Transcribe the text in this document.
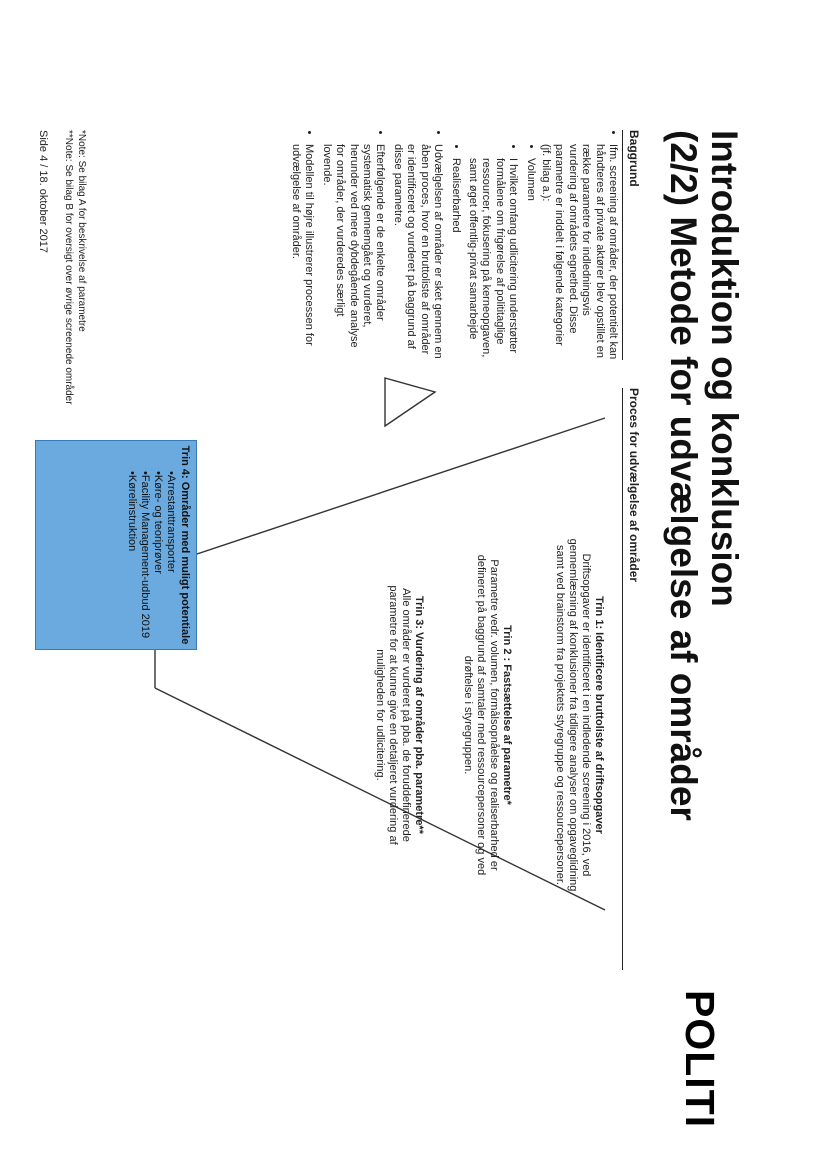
Introduktion og konklusion
(2/2) Metode for udvælgelse af områder
POLITI
Baggrund
• Ifm. screening af områder, der potentielt kan håndteres af private aktører blev opstillet en række parametre for indledningsvis vurdering af områdets egnethed. Disse parametre er inddelt i følgende kategorier (jf. bilag a.):
• Volumen
• I hvilket omfang udlicitering understøtter formålene om frigørelse af polititaglige ressourcer, fokusering på kerneopgaven, samt øget offentlig-privat samarbejde
• Realiserbarhed
• Udvælgelsen af områder er sket gennem en åben proces, hvor en bruttoliste af områder er identificeret og vurderet på baggrund af disse parametre.
• Efterfølgende er de enkelte områder systematisk gennemgået og vurderet, herunder ved mere dybdegående analyse for områder, der vurderedes særligt lovende.
• Modellen til højre illustrerer processen for udvælgelse af områder.
Proces for udvælgelse af områder
Trin 1: Identificere bruttoliste af driftsopgaver
Driftsopgaver er identificeret i en indledende screening i 2016, ved gennemlæsning af konklusioner fra tidligere analyser om opgaveglidning samt ved brainstorm fra projektets styregruppe og ressourcepersoner.
Trin 2 : Fastsættelse af parametre*
Parametre vedr. volumen, formålsopnåelse og realiserbarhed er defineret på baggrund af samtaler med ressourcepersoner og ved drøftelse i styregruppen.
Trin 3: Vurdering af områder pba. parametre**
Alle områder er vurderet på pba. de foruddefinerede parametre for at kunne give en detaljeret vurdering af muligheden for udlicitering.
Trin 4: Områder med muligt potentiale
• Arrestanttransporter
• Køre- og teoriprøver
• Facility Management-udbud 2019
• Kørelinstruktion
*Note: Se bilag A for beskrivelse af parametre
**Note: Se bilag B for oversigt over øvrige screenede områder
Side 4 / 18. oktober 2017
